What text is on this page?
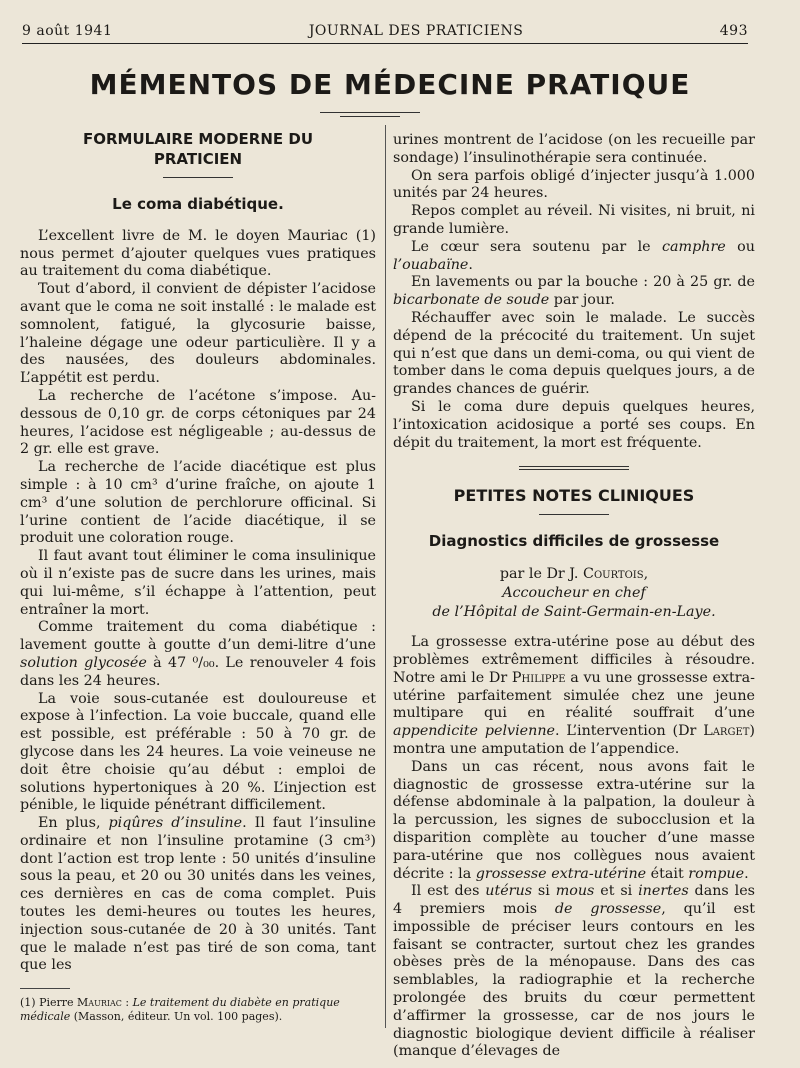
9 août 1941	JOURNAL DES PRATICIENS	493
MÉMENTOS DE MÉDECINE PRATIQUE
FORMULAIRE MODERNE DU PRATICIEN
Le coma diabétique.

L’excellent livre de M. le doyen Mauriac (1) nous permet d’ajouter quelques vues pratiques au traitement du coma diabétique.

Tout d’abord, il convient de dépister l’acidose avant que le coma ne soit installé : le malade est somnolent, fatigué, la glycosurie baisse, l’haleine dégage une odeur particulière. Il y a des nausées, des douleurs abdominales. L’appétit est perdu.

La recherche de l’acétone s’impose. Au-dessous de 0,10 gr. de corps cétoniques par 24 heures, l’acidose est négligeable ; au-dessus de 2 gr. elle est grave.

La recherche de l’acide diacétique est plus simple : à 10 cm³ d’urine fraîche, on ajoute 1 cm³ d’une solution de perchlorure officinal. Si l’urine contient de l’acide diacétique, il se produit une coloration rouge.

Il faut avant tout éliminer le coma insulinique où il n’existe pas de sucre dans les urines, mais qui lui-même, s’il échappe à l’attention, peut entraîner la mort.

Comme traitement du coma diabétique : lavement goutte à goutte d’un demi-litre d’une solution glycosée à 47 ⁰/₀₀. Le renouveler 4 fois dans les 24 heures.

La voie sous-cutanée est douloureuse et expose à l’infection. La voie buccale, quand elle est possible, est préférable : 50 à 70 gr. de glycose dans les 24 heures. La voie veineuse ne doit être choisie qu’au début : emploi de solutions hypertoniques à 20 %. L’injection est pénible, le liquide pénétrant difficilement.

En plus, piqûres d’insuline. Il faut l’insuline ordinaire et non l’insuline protamine (3 cm³) dont l’action est trop lente : 50 unités d’insuline sous la peau, et 20 ou 30 unités dans les veines, ces dernières en cas de coma complet. Puis toutes les demi-heures ou toutes les heures, injection sous-cutanée de 20 à 30 unités. Tant que le malade n’est pas tiré de son coma, tant que les

(1) Pierre Mauriac : Le traitement du diabète en pratique médicale (Masson, éditeur. Un vol. 100 pages).

urines montrent de l’acidose (on les recueille par sondage) l’insulinothérapie sera continuée.

On sera parfois obligé d’injecter jusqu’à 1.000 unités par 24 heures.

Repos complet au réveil. Ni visites, ni bruit, ni grande lumière.

Le cœur sera soutenu par le camphre ou l’ouabaïne.

En lavements ou par la bouche : 20 à 25 gr. de bicarbonate de soude par jour.

Réchauffer avec soin le malade. Le succès dépend de la précocité du traitement. Un sujet qui n’est que dans un demi-coma, ou qui vient de tomber dans le coma depuis quelques jours, a de grandes chances de guérir.

Si le coma dure depuis quelques heures, l’intoxication acidosique a porté ses coups. En dépit du traitement, la mort est fréquente.

PETITES NOTES CLINIQUES
Diagnostics difficiles de grossesse
par le Dr J. Courtois,
Accoucheur en chef
de l’Hôpital de Saint-Germain-en-Laye.

La grossesse extra-utérine pose au début des problèmes extrêmement difficiles à résoudre. Notre ami le Dr Philippe a vu une grossesse extra-utérine parfaitement simulée chez une jeune multipare qui en réalité souffrait d’une appendicite pelvienne. L’intervention (Dr Larget) montra une amputation de l’appendice.

Dans un cas récent, nous avons fait le diagnostic de grossesse extra-utérine sur la défense abdominale à la palpation, la douleur à la percussion, les signes de subocclusion et la disparition complète au toucher d’une masse para-utérine que nos collègues nous avaient décrite : la grossesse extra-utérine était rompue.

Il est des utérus si mous et si inertes dans les 4 premiers mois de grossesse, qu’il est impossible de préciser leurs contours en les faisant se contracter, surtout chez les grandes obèses près de la ménopause. Dans des cas semblables, la radiographie et la recherche prolongée des bruits du cœur permettent d’affirmer la grossesse, car de nos jours le diagnostic biologique devient difficile à réaliser (manque d’élevages de
